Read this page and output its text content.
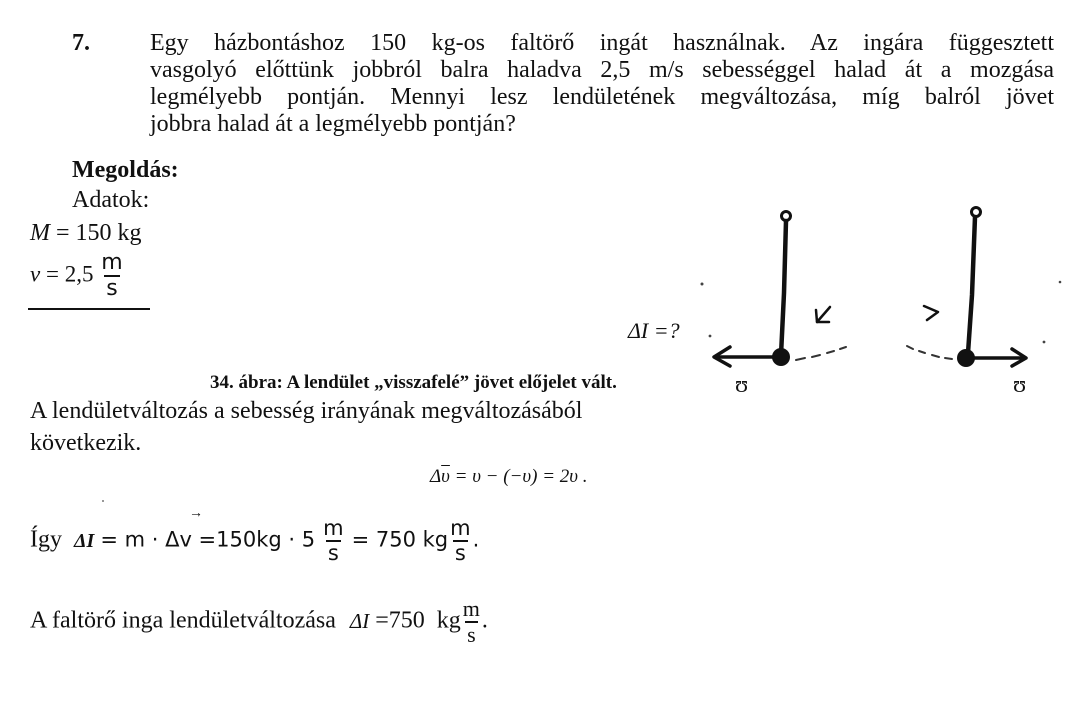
7.	Egy házbontáshoz 150 kg-os faltörő ingát használnak. Az ingára függesztett
vasgolyó előttünk jobbról balra haladva 2,5 m/s sebességgel halad át a mozgása
legmélyebb pontján. Mennyi lesz lendületének megváltozása, míg balról jövet
jobbra halad át a legmélyebb pontján?
Megoldás:
Adatok:
M = 150 kg
$v = 2,5 \frac{m}{s}$
ΔI =?
ʊ	ʊ
34. ábra: A lendület „visszafelé” jövet előjelet vált.
A lendületváltozás a sebesség irányának megváltozásából
következik.
$\Delta\overline{\upsilon} = \upsilon - (-\upsilon) = 2\upsilon$ .
→
Így $\Delta I = m \cdot \Delta v =150kg \cdot 5 \frac{m}{s} = 750$ kg $\frac{m}{s}$ .
A faltörő inga lendületváltozása ΔI =750  kg $\frac{m}{s}$ .
